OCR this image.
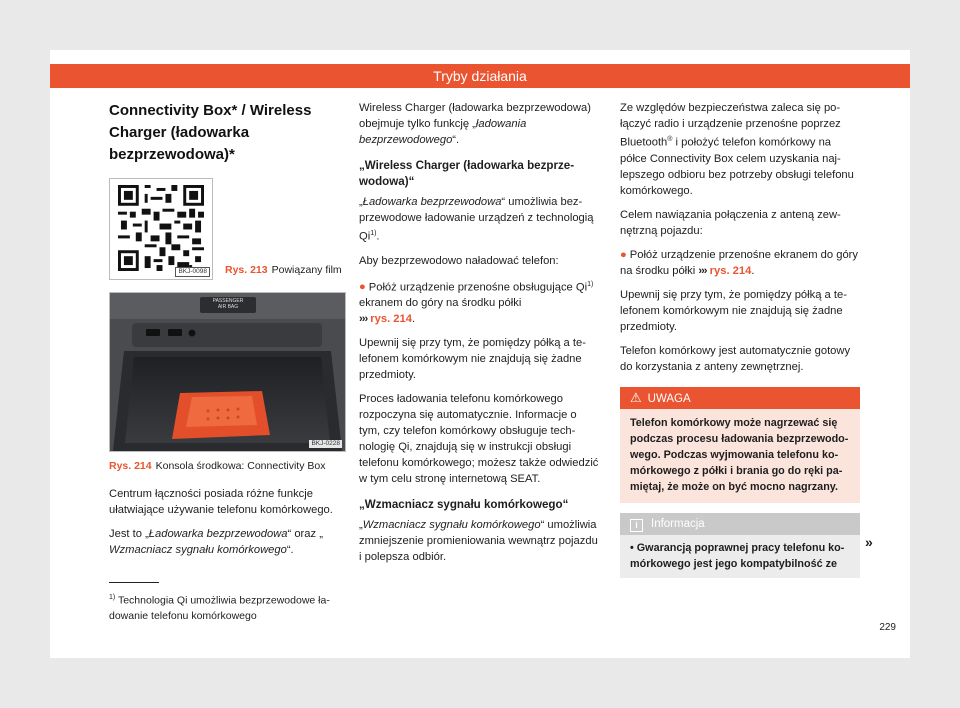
Tryby działania
Connectivity Box* / Wireless Charger (ładowarka bezprzewodowa)*
BKJ-0098 Rys. 213 Powiązany film
PASSENGER
AIR BAG
BKJ-0228
Rys. 214 Konsola środkowa: Connectivity Box

Centrum łączności posiada różne funkcje ułatwiające używanie telefonu komórkowego.

Jest to „Ładowarka bezprzewodowa“ oraz „
Wzmacniacz sygnału komórkowego“.

Wireless Charger (ładowarka bezprzewodowa) obejmuje tylko funkcję „ładowania bezprzewodowego“.

„Wireless Charger (ładowarka bezprzewodowa)“

„Ładowarka bezprzewodowa“ umożliwia bezprzewodowe ładowanie urządzeń z technologią Qi$^{1)}$.

Aby bezprzewodowo naładować telefon:

● Połóż urządzenie przenośne obsługujące Qi$^{1)}$ ekranem do góry na środku półki
››› rys. 214.

Upewnij się przy tym, że pomiędzy półką a telefonem komórkowym nie znajdują się żadne przedmioty.

Proces ładowania telefonu komórkowego rozpoczyna się automatycznie. Informacje o tym, czy telefon komórkowy obsługuje technologię Qi, znajdują się w instrukcji obsługi telefonu komórkowego; możesz także odwiedzić w tym celu stronę internetową SEAT.

„Wzmacniacz sygnału komórkowego“

„Wzmacniacz sygnału komórkowego“ umożliwia zmniejszenie promieniowania wewnątrz pojazdu i polepsza odbiór.

Ze względów bezpieczeństwa zaleca się połączyć radio i urządzenie przenośne poprzez Bluetooth® i położyć telefon komórkowy na półce Connectivity Box celem uzyskania najlepszego odbioru bez potrzeby obsługi telefonu komórkowego.

Celem nawiązania połączenia z anteną zewnętrzną pojazdu:

● Połóż urządzenie przenośne ekranem do góry na środku półki ››› rys. 214.

Upewnij się przy tym, że pomiędzy półką a telefonem komórkowym nie znajdują się żadne przedmioty.

Telefon komórkowy jest automatycznie gotowy do korzystania z anteny zewnętrznej.

⚠ UWAGA
Telefon komórkowy może nagrzewać się podczas procesu ładowania bezprzewodowego. Podczas wyjmowania telefonu komórkowego z półki i brania go do ręki pamiętaj, że może on być mocno nagrzany.
i Informacja
• Gwarancją poprawnej pracy telefonu komórkowego jest jego kompatybilność ze
»
$^{1)}$ Technologia Qi umożliwia bezprzewodowe ładowanie telefonu komórkowego
229
